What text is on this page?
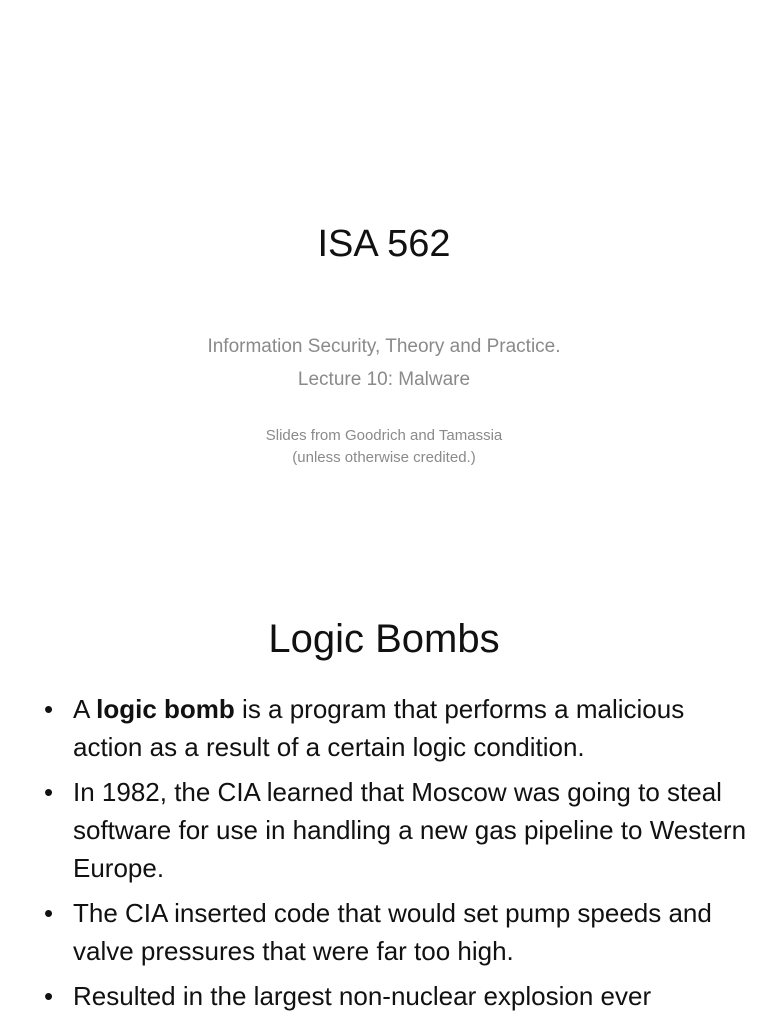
ISA 562
Information Security, Theory and Practice.
Lecture 10: Malware
Slides from Goodrich and Tamassia
(unless otherwise credited.)
Logic Bombs
• A logic bomb is a program that performs a malicious action as a result of a certain logic condition.
• In 1982, the CIA learned that Moscow was going to steal software for use in handling a new gas pipeline to Western Europe.
• The CIA inserted code that would set pump speeds and valve pressures that were far too high.
• Resulted in the largest non-nuclear explosion ever
